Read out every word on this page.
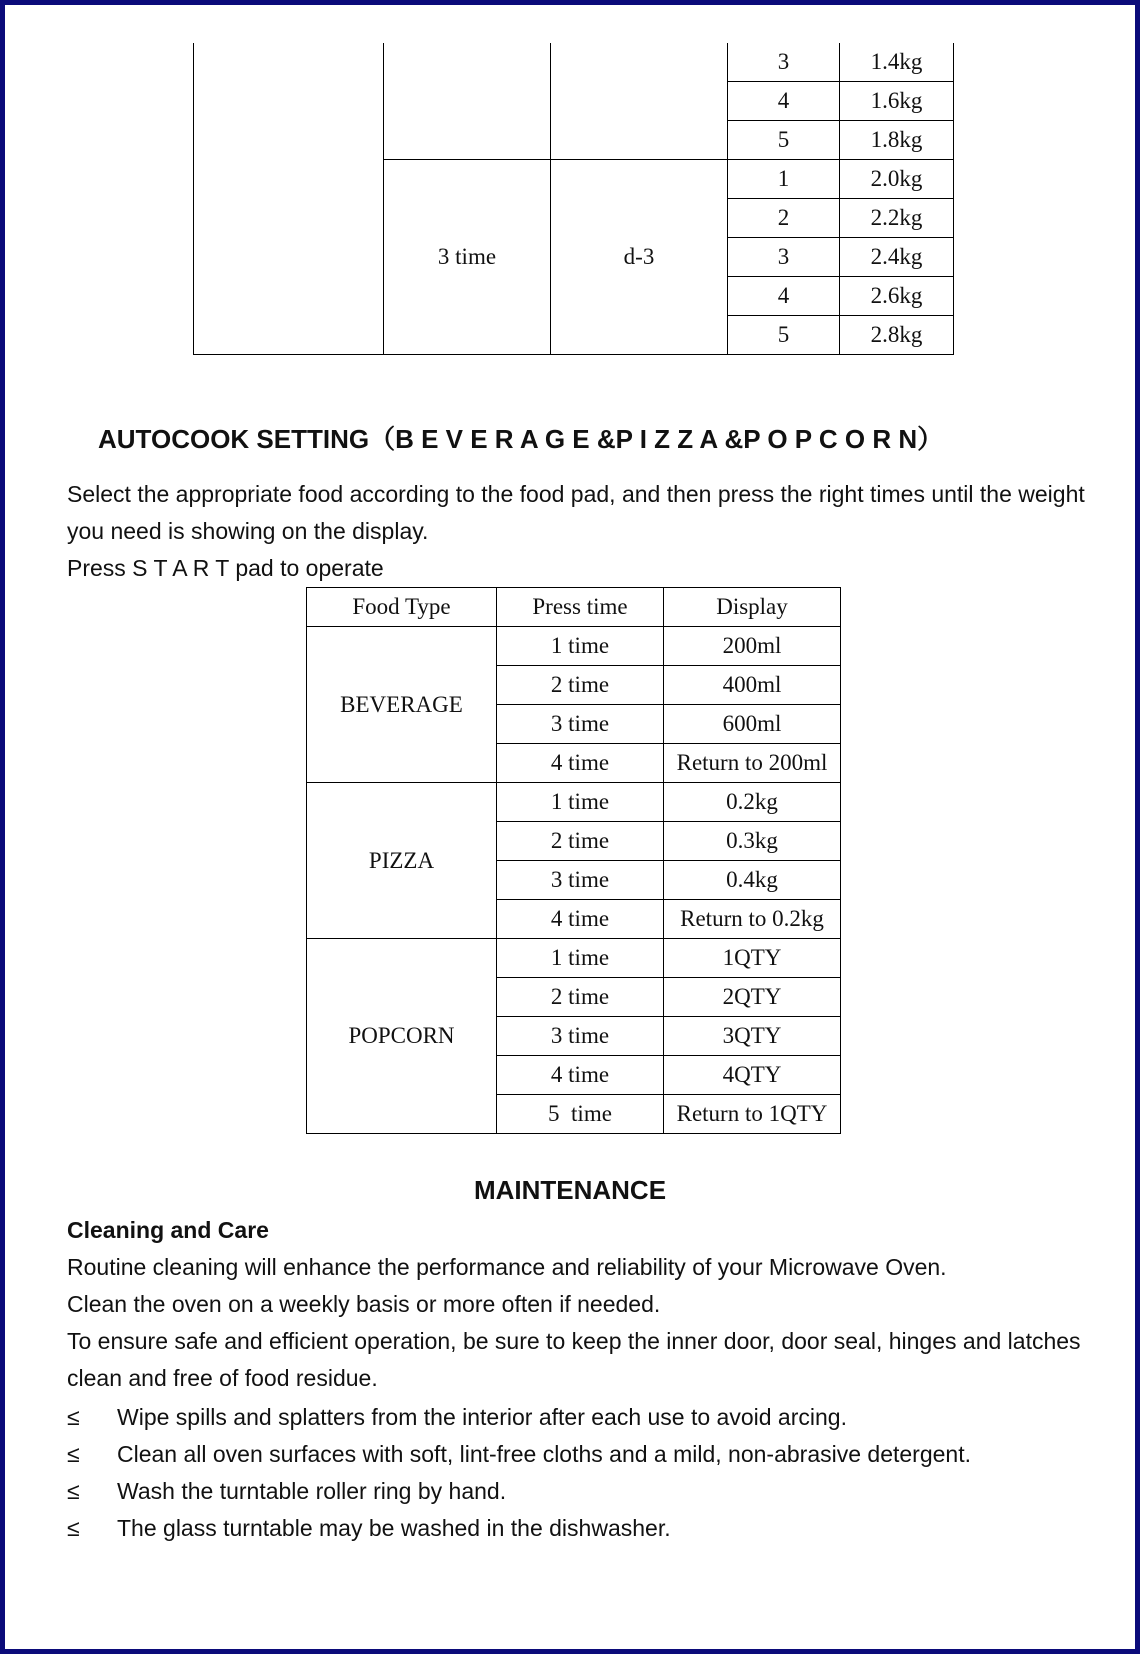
			3	1.4kg
			4	1.6kg
			5	1.8kg
	3 time	d-3	1	2.0kg
			2	2.2kg
			3	2.4kg
			4	2.6kg
			5	2.8kg
AUTOCOOK SETTING（B E V E R A G E &P I Z Z A &P O P C O R N）

Select the appropriate food according to the food pad, and then press the right times until the weight you need is showing on the display.

Press S T A R T pad to operate

Food Type	Press time	Display
BEVERAGE	1 time	200ml
	2 time	400ml
	3 time	600ml
	4 time	Return to 200ml
PIZZA	1 time	0.2kg
	2 time	0.3kg
	3 time	0.4kg
	4 time	Return to 0.2kg
POPCORN	1 time	1QTY
	2 time	2QTY
	3 time	3QTY
	4 time	4QTY
	5  time	Return to 1QTY
MAINTENANCE
Cleaning and Care

Routine cleaning will enhance the performance and reliability of your Microwave Oven.

Clean the oven on a weekly basis or more often if needed.

To ensure safe and efficient operation, be sure to keep the inner door, door seal, hinges and latches clean and free of food residue.

≤ Wipe spills and splatters from the interior after each use to avoid arcing.
≤ Clean all oven surfaces with soft, lint-free cloths and a mild, non-abrasive detergent.
≤ Wash the turntable roller ring by hand.
≤ The glass turntable may be washed in the dishwasher.
